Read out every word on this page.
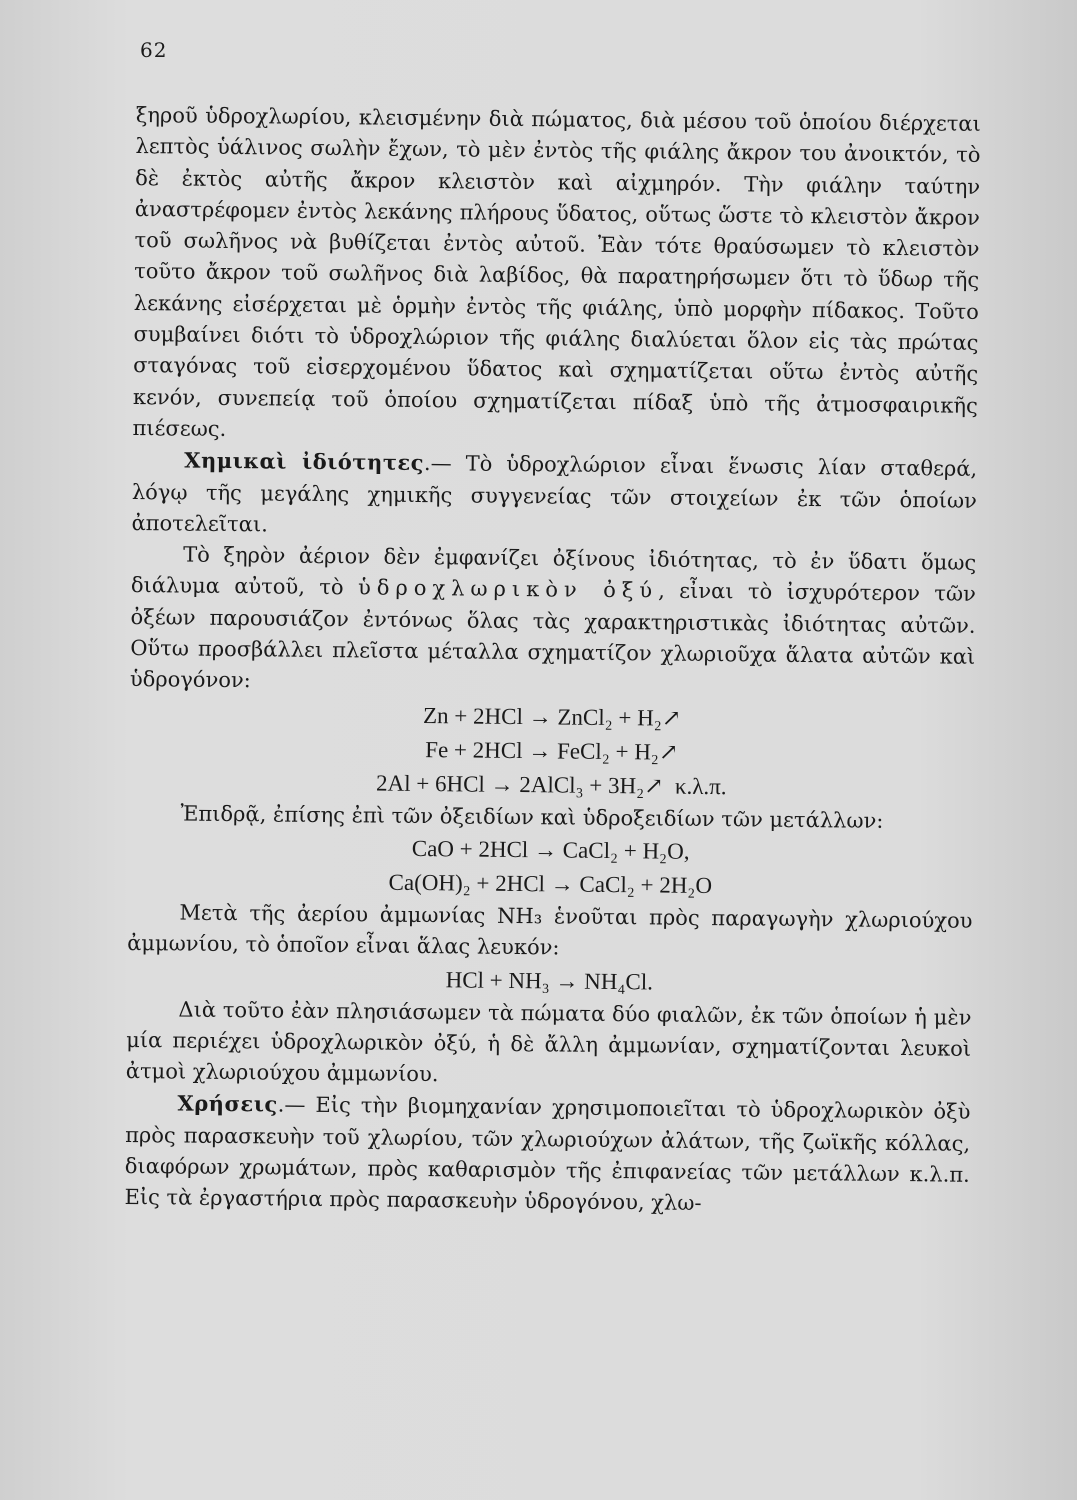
62

ξηροῦ ὑδροχλωρίου, κλεισμένην διὰ πώματος, διὰ μέσου τοῦ ὁποίου διέρχεται λεπτὸς ὑάλινος σωλὴν ἔχων, τὸ μὲν ἐντὸς τῆς φιάλης ἄκρον του ἀνοικτόν, τὸ δὲ ἐκτὸς αὐτῆς ἄκρον κλειστὸν καὶ αἰχμηρόν. Τὴν φιάλην ταύτην ἀναστρέφομεν ἐντὸς λεκάνης πλήρους ὕδατος, οὕτως ὥστε τὸ κλειστὸν ἄκρον τοῦ σωλῆνος νὰ βυθίζεται ἐντὸς αὐτοῦ. Ἐὰν τότε θραύσωμεν τὸ κλειστὸν τοῦτο ἄκρον τοῦ σωλῆνος διὰ λαβίδος, θὰ παρατηρήσωμεν ὅτι τὸ ὕδωρ τῆς λεκάνης εἰσέρχεται μὲ ὁρμὴν ἐντὸς τῆς φιάλης, ὑπὸ μορφὴν πίδακος. Τοῦτο συμβαίνει διότι τὸ ὑδροχλώριον τῆς φιάλης διαλύεται ὅλον εἰς τὰς πρώτας σταγόνας τοῦ εἰσερχομένου ὕδατος καὶ σχηματίζεται οὕτω ἐντὸς αὐτῆς κενόν, συνεπείᾳ τοῦ ὁποίου σχηματίζεται πίδαξ ὑπὸ τῆς ἀτμοσφαιρικῆς πιέσεως.

Χημικαὶ ἰδιότητες.— Τὸ ὑδροχλώριον εἶναι ἕνωσις λίαν σταθερά, λόγῳ τῆς μεγάλης χημικῆς συγγενείας τῶν στοιχείων ἐκ τῶν ὁποίων ἀποτελεῖται.

Τὸ ξηρὸν ἀέριον δὲν ἐμφανίζει ὀξίνους ἰδιότητας, τὸ ἐν ὕδατι ὅμως διάλυμα αὐτοῦ, τὸ ὑδροχλωρικὸν ὀξύ, εἶναι τὸ ἰσχυρότερον τῶν ὀξέων παρουσιάζον ἐντόνως ὅλας τὰς χαρακτηριστικὰς ἰδιότητας αὐτῶν. Οὕτω προσβάλλει πλεῖστα μέταλλα σχηματίζον χλωριοῦχα ἅλατα αὐτῶν καὶ ὑδρογόνον:

Zn + 2HCl → ZnCl₂ + H₂↗

Fe + 2HCl → FeCl₂ + H₂↗

2Al + 6HCl → 2AlCl₃ + 3H₂↗  κ.λ.π.

Ἐπιδρᾷ, ἐπίσης ἐπὶ τῶν ὀξειδίων καὶ ὑδροξειδίων τῶν μετάλλων:

CaO + 2HCl → CaCl₂ + H₂O,

Ca(OH)₂ + 2HCl → CaCl₂ + 2H₂O

Μετὰ τῆς ἀερίου ἀμμωνίας NH₃ ἑνοῦται πρὸς παραγωγὴν χλωριούχου ἀμμωνίου, τὸ ὁποῖον εἶναι ἅλας λευκόν:

HCl + NH₃ → NH₄Cl.

Διὰ τοῦτο ἐὰν πλησιάσωμεν τὰ πώματα δύο φιαλῶν, ἐκ τῶν ὁποίων ἡ μὲν μία περιέχει ὑδροχλωρικὸν ὀξύ, ἡ δὲ ἄλλη ἀμμωνίαν, σχηματίζονται λευκοὶ ἀτμοὶ χλωριούχου ἀμμωνίου.

Χρήσεις.— Εἰς τὴν βιομηχανίαν χρησιμοποιεῖται τὸ ὑδροχλωρικὸν ὀξὺ πρὸς παρασκευὴν τοῦ χλωρίου, τῶν χλωριούχων ἀλάτων, τῆς ζωϊκῆς κόλλας, διαφόρων χρωμάτων, πρὸς καθαρισμὸν τῆς ἐπιφανείας τῶν μετάλλων κ.λ.π. Εἰς τὰ ἐργαστήρια πρὸς παρασκευὴν ὑδρογόνου, χλω-
